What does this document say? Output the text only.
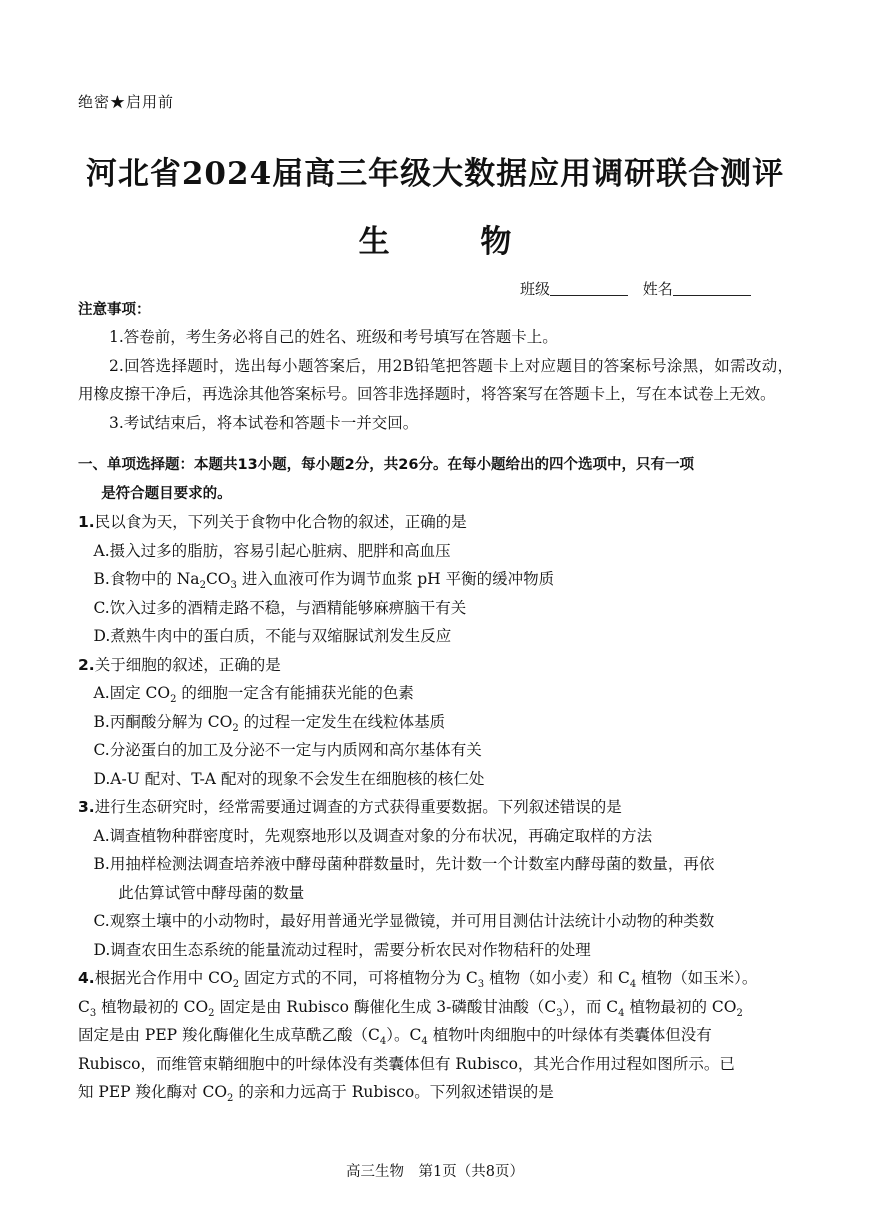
绝密★启用前
河北省2024届高三年级大数据应用调研联合测评
生 物
班级	姓名
注意事项：

1.答卷前，考生务必将自己的姓名、班级和考号填写在答题卡上。

2.回答选择题时，选出每小题答案后，用2B铅笔把答题卡上对应题目的答案标号涂黑，如需改动，用橡皮擦干净后，再选涂其他答案标号。回答非选择题时，将答案写在答题卡上，写在本试卷上无效。

3.考试结束后，将本试卷和答题卡一并交回。

一、单项选择题：本题共13小题，每小题2分，共26分。在每小题给出的四个选项中，只有一项
是符合题目要求的。

1.民以食为天，下列关于食物中化合物的叙述，正确的是

A.摄入过多的脂肪，容易引起心脏病、肥胖和高血压

B.食物中的 $Na_2CO_3$ 进入血液可作为调节血浆 pH 平衡的缓冲物质

C.饮入过多的酒精走路不稳，与酒精能够麻痹脑干有关

D.煮熟牛肉中的蛋白质，不能与双缩脲试剂发生反应

2.关于细胞的叙述，正确的是

A.固定 $CO_2$ 的细胞一定含有能捕获光能的色素

B.丙酮酸分解为 $CO_2$ 的过程一定发生在线粒体基质

C.分泌蛋白的加工及分泌不一定与内质网和高尔基体有关

D.A-U 配对、T-A 配对的现象不会发生在细胞核的核仁处

3.进行生态研究时，经常需要通过调查的方式获得重要数据。下列叙述错误的是

A.调查植物种群密度时，先观察地形以及调查对象的分布状况，再确定取样的方法

B.用抽样检测法调查培养液中酵母菌种群数量时，先计数一个计数室内酵母菌的数量，再依
此估算试管中酵母菌的数量

C.观察土壤中的小动物时，最好用普通光学显微镜，并可用目测估计法统计小动物的种类数

D.调查农田生态系统的能量流动过程时，需要分析农民对作物秸秆的处理

4.根据光合作用中 $CO_2$ 固定方式的不同，可将植物分为 $C_3$ 植物（如小麦）和 $C_4$ 植物（如玉米）。
$C_3$ 植物最初的 $CO_2$ 固定是由 Rubisco 酶催化生成 3-磷酸甘油酸$(C_3)$，而 $C_4$ 植物最初的 $CO_2$
固定是由 PEP 羧化酶催化生成草酰乙酸$(C_4)$。$C_4$ 植物叶肉细胞中的叶绿体有类囊体但没有
Rubisco，而维管束鞘细胞中的叶绿体没有类囊体但有 Rubisco，其光合作用过程如图所示。已
知 PEP 羧化酶对 $CO_2$ 的亲和力远高于 Rubisco。下列叙述错误的是
高三生物　第1页（共8页）
